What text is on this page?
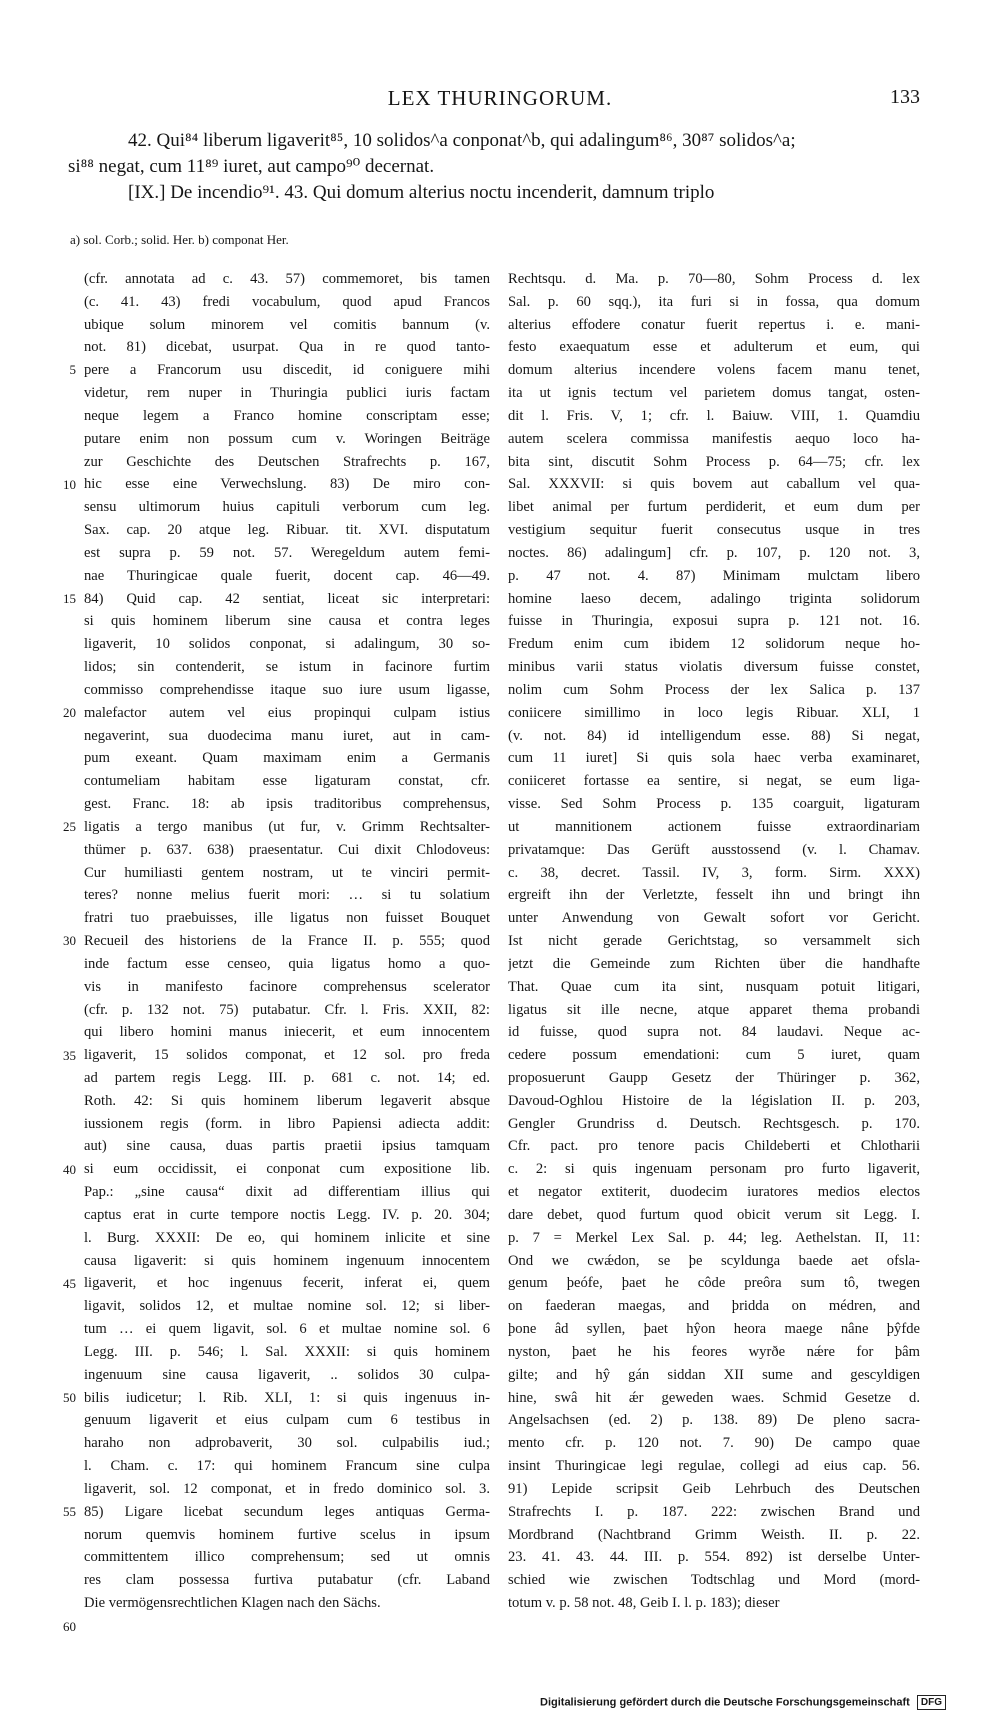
LEX THURINGORUM.	133
42. Qui⁸⁴ liberum ligaverit⁸⁵, 10 solidos^a conponat^b, qui adalingum⁸⁶, 30⁸⁷ solidos^a;
si⁸⁸ negat, cum 11⁸⁹ iuret, aut campo⁹⁰ decernat.
[IX.] De incendio⁹¹. 43. Qui domum alterius noctu incenderit, damnum triplo
a) sol. Corb.; solid. Her. b) componat Her.
5
10
15
20
25
30
35
40
45
50
55
60
(cfr. annotata ad c. 43. 57) commemoret, bis tamen
(c. 41. 43) fredi vocabulum, quod apud Francos
ubique solum minorem vel comitis bannum (v.
not. 81) dicebat, usurpat. Qua in re quod tanto-
pere a Francorum usu discedit, id coniguere mihi
videtur, rem nuper in Thuringia publici iuris factam
neque legem a Franco homine conscriptam esse;
putare enim non possum cum v. Woringen Beiträge
zur Geschichte des Deutschen Strafrechts p. 167,
hic esse eine Verwechslung. 83) De miro con-
sensu ultimorum huius capituli verborum cum leg.
Sax. cap. 20 atque leg. Ribuar. tit. XVI. disputatum
est supra p. 59 not. 57. Weregeldum autem femi-
nae Thuringicae quale fuerit, docent cap. 46—49.
84) Quid cap. 42 sentiat, liceat sic interpretari:
si quis hominem liberum sine causa et contra leges
ligaverit, 10 solidos conponat, si adalingum, 30 so-
lidos; sin contenderit, se istum in facinore furtim
commisso comprehendisse itaque suo iure usum ligasse,
malefactor autem vel eius propinqui culpam istius
negaverint, sua duodecima manu iuret, aut in cam-
pum exeant. Quam maximam enim a Germanis
contumeliam habitam esse ligaturam constat, cfr.
gest. Franc. 18: ab ipsis traditoribus comprehensus,
ligatis a tergo manibus (ut fur, v. Grimm Rechtsalter-
thümer p. 637. 638) praesentatur. Cui dixit Chlodoveus:
Cur humiliasti gentem nostram, ut te vinciri permit-
teres? nonne melius fuerit mori: … si tu solatium
fratri tuo praebuisses, ille ligatus non fuisset Bouquet
Recueil des historiens de la France II. p. 555; quod
inde factum esse censeo, quia ligatus homo a quo-
vis in manifesto facinore comprehensus scelerator
(cfr. p. 132 not. 75) putabatur. Cfr. l. Fris. XXII, 82:
qui libero homini manus iniecerit, et eum innocentem
ligaverit, 15 solidos componat, et 12 sol. pro freda
ad partem regis Legg. III. p. 681 c. not. 14; ed.
Roth. 42: Si quis hominem liberum legaverit absque
iussionem regis (form. in libro Papiensi adiecta addit:
aut) sine causa, duas partis praetii ipsius tamquam
si eum occidissit, ei conponat cum expositione lib.
Pap.: „sine causa“ dixit ad differentiam illius qui
captus erat in curte tempore noctis Legg. IV. p. 20. 304;
l. Burg. XXXII: De eo, qui hominem inlicite et sine
causa ligaverit: si quis hominem ingenuum innocentem
ligaverit, et hoc ingenuus fecerit, inferat ei, quem
ligavit, solidos 12, et multae nomine sol. 12; si liber-
tum … ei quem ligavit, sol. 6 et multae nomine sol. 6
Legg. III. p. 546; l. Sal. XXXII: si quis hominem
ingenuum sine causa ligaverit, .. solidos 30 culpa-
bilis iudicetur; l. Rib. XLI, 1: si quis ingenuus in-
genuum ligaverit et eius culpam cum 6 testibus in
haraho non adprobaverit, 30 sol. culpabilis iud.;
l. Cham. c. 17: qui hominem Francum sine culpa
ligaverit, sol. 12 componat, et in fredo dominico sol. 3.
85) Ligare licebat secundum leges antiquas Germa-
norum quemvis hominem furtive scelus in ipsum
committentem illico comprehensum; sed ut omnis
res clam possessa furtiva putabatur (cfr. Laband
Die vermögensrechtlichen Klagen nach den Sächs.
Rechtsqu. d. Ma. p. 70—80, Sohm Process d. lex
Sal. p. 60 sqq.), ita furi si in fossa, qua domum
alterius effodere conatur fuerit repertus i. e. mani-
festo exaequatum esse et adulterum et eum, qui
domum alterius incendere volens facem manu tenet,
ita ut ignis tectum vel parietem domus tangat, osten-
dit l. Fris. V, 1; cfr. l. Baiuw. VIII, 1. Quamdiu
autem scelera commissa manifestis aequo loco ha-
bita sint, discutit Sohm Process p. 64—75; cfr. lex
Sal. XXXVII: si quis bovem aut caballum vel qua-
libet animal per furtum perdiderit, et eum dum per
vestigium sequitur fuerit consecutus usque in tres
noctes. 86) adalingum] cfr. p. 107, p. 120 not. 3,
p. 47 not. 4. 87) Minimam mulctam libero
homine laeso decem, adalingo triginta solidorum
fuisse in Thuringia, exposui supra p. 121 not. 16.
Fredum enim cum ibidem 12 solidorum neque ho-
minibus varii status violatis diversum fuisse constet,
nolim cum Sohm Process der lex Salica p. 137
coniicere simillimo in loco legis Ribuar. XLI, 1
(v. not. 84) id intelligendum esse. 88) Si negat,
cum 11 iuret] Si quis sola haec verba examinaret,
coniiceret fortasse ea sentire, si negat, se eum liga-
visse. Sed Sohm Process p. 135 coarguit, ligaturam
ut mannitionem actionem fuisse extraordinariam
privatamque: Das Gerüft ausstossend (v. l. Chamav.
c. 38, decret. Tassil. IV, 3, form. Sirm. XXX)
ergreift ihn der Verletzte, fesselt ihn und bringt ihn
unter Anwendung von Gewalt sofort vor Gericht.
Ist nicht gerade Gerichtstag, so versammelt sich
jetzt die Gemeinde zum Richten über die handhafte
That. Quae cum ita sint, nusquam potuit litigari,
ligatus sit ille necne, atque apparet thema probandi
id fuisse, quod supra not. 84 laudavi. Neque ac-
cedere possum emendationi: cum 5 iuret, quam
proposuerunt Gaupp Gesetz der Thüringer p. 362,
Davoud-Oghlou Histoire de la législation II. p. 203,
Gengler Grundriss d. Deutsch. Rechtsgesch. p. 170.
Cfr. pact. pro tenore pacis Childeberti et Chlotharii
c. 2: si quis ingenuam personam pro furto ligaverit,
et negator extiterit, duodecim iuratores medios electos
dare debet, quod furtum quod obicit verum sit Legg. I.
p. 7 = Merkel Lex Sal. p. 44; leg. Aethelstan. II, 11:
Ond we cwǽdon, se þe scyldunga baede aet ofsla-
genum þeófe, þaet he côde preôra sum tô, twegen
on faederan maegas, and þridda on médren, and
þone âd syllen, þaet hŷon heora maege nâne þŷfde
nyston, þaet he his feores wyrðe nǽre for þâm
gilte; and hŷ gán siddan XII sume and gescyldigen
hine, swâ hit ǽr geweden waes. Schmid Gesetze d.
Angelsachsen (ed. 2) p. 138. 89) De pleno sacra-
mento cfr. p. 120 not. 7. 90) De campo quae
insint Thuringicae legi regulae, collegi ad eius cap. 56.
91) Lepide scripsit Geib Lehrbuch des Deutschen
Strafrechts I. p. 187. 222: zwischen Brand und
Mordbrand (Nachtbrand Grimm Weisth. II. p. 22.
23. 41. 43. 44. III. p. 554. 892) ist derselbe Unter-
schied wie zwischen Todtschlag und Mord (mord-
totum v. p. 58 not. 48, Geib I. l. p. 183); dieser
Digitalisierung gefördert durch die Deutsche Forschungsgemeinschaft DFG
